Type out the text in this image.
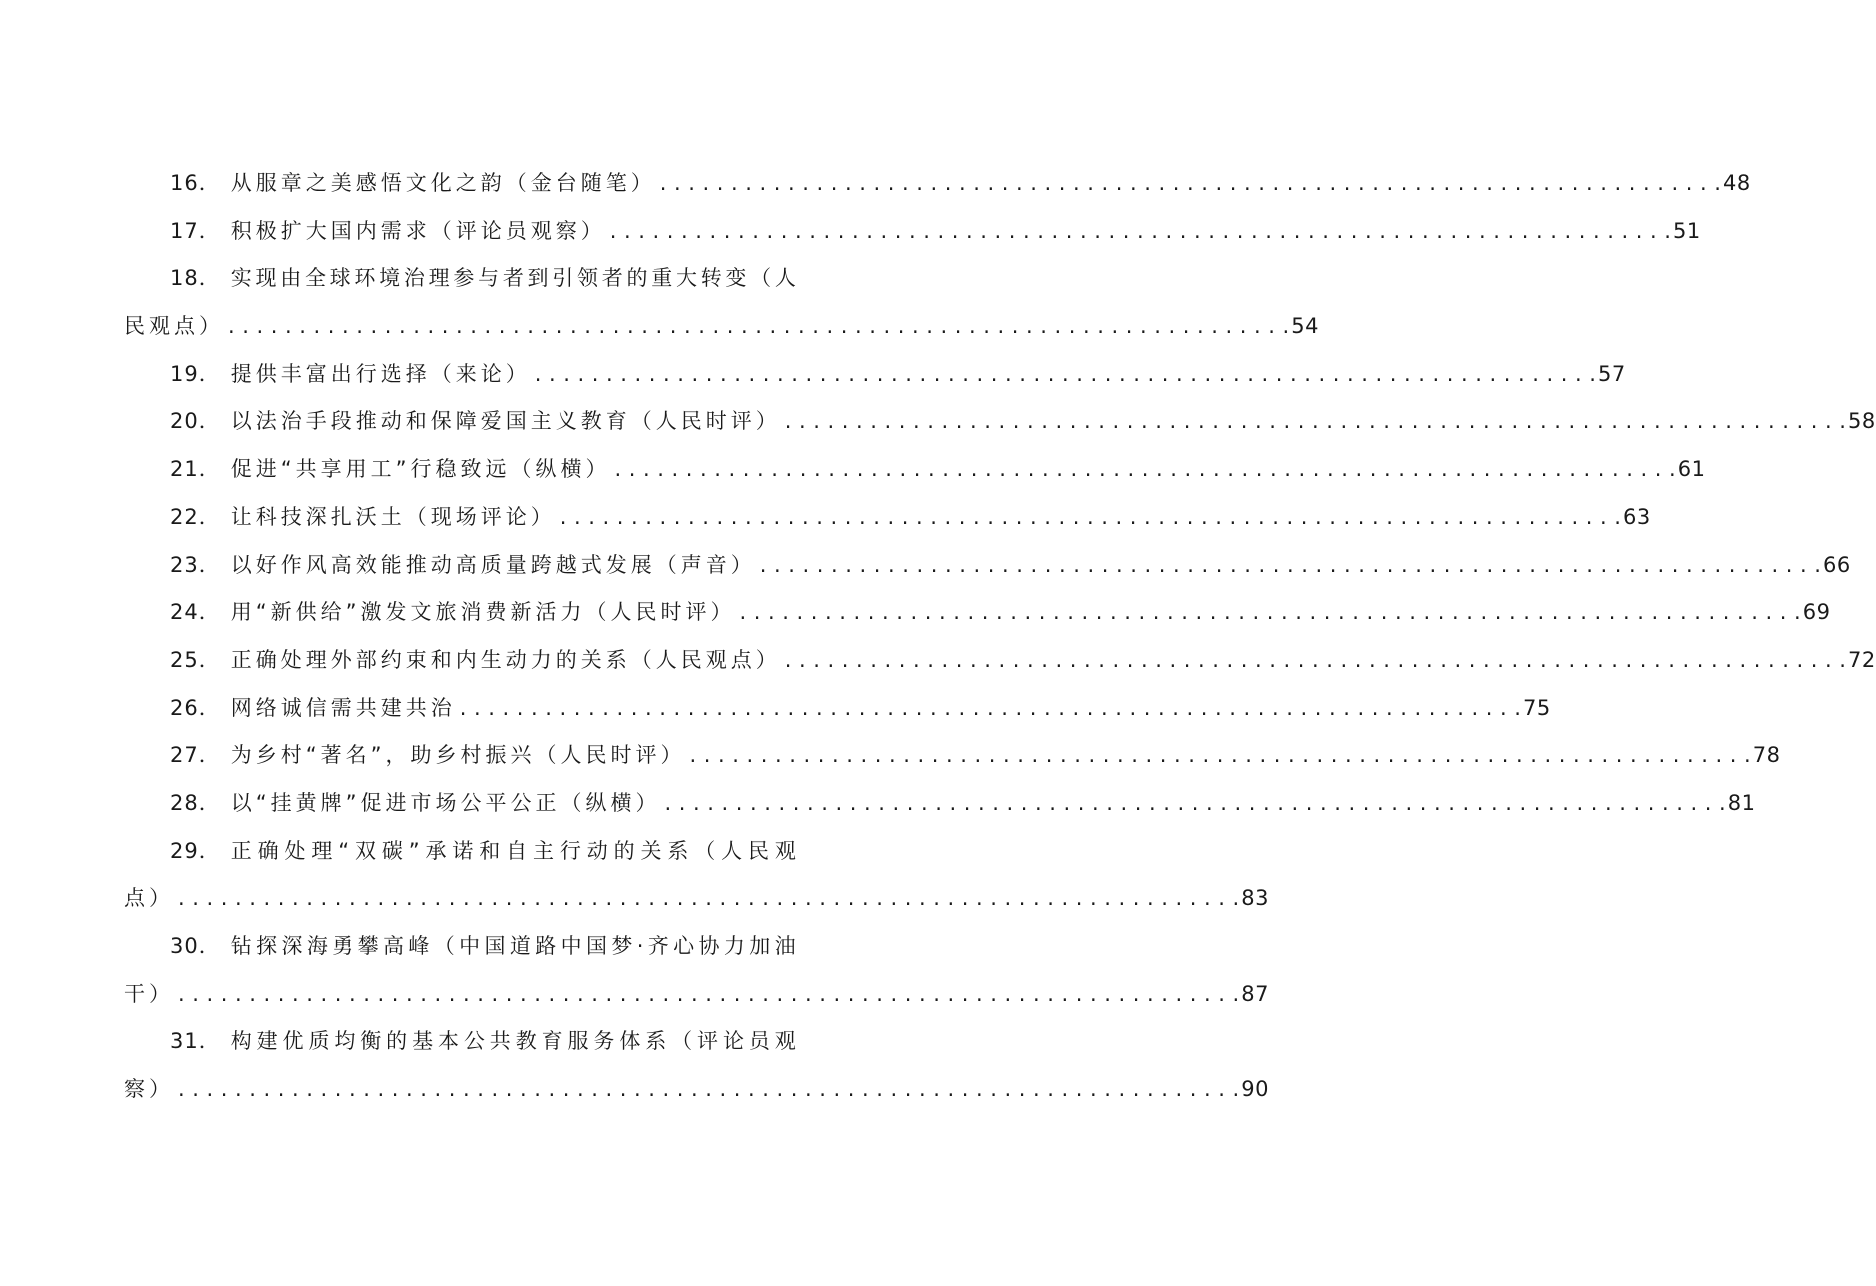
16． 从服章之美感悟文化之韵（金台随笔） . . .	48
17． 积极扩大国内需求（评论员观察） . . .	51
18． 实 现 由 全 球 环 境 治 理 参 与 者 到 引 领 者 的 重 大 转 变 （ 人
民观点） . . .	54
19． 提供丰富出行选择（来论） . . .	57
20． 以法治手段推动和保障爱国主义教育（人民时评） . . .	58
21． 促进“共享用工”行稳致远（纵横） . . .	61
22． 让科技深扎沃土（现场评论） . . .	63
23． 以好作风高效能推动高质量跨越式发展（声音） . . .	66
24． 用“新供给”激发文旅消费新活力（人民时评） . . .	69
25． 正确处理外部约束和内生动力的关系（人民观点） . . .	72
26． 网络诚信需共建共治 . . .	75
27． 为乡村“著名”，助乡村振兴（人民时评） . . .	78
28． 以“挂黄牌”促进市场公平公正（纵横） . . .	81
29． 正 确 处 理 “ 双 碳 ” 承 诺 和 自 主 行 动 的 关 系 （ 人 民 观
点） . . .	83
30． 钻 探 深 海 勇 攀 高 峰 （ 中 国 道 路 中 国 梦 · 齐 心 协 力 加 油
干） . . .	87
31． 构 建 优 质 均 衡 的 基 本 公 共 教 育 服 务 体 系 （ 评 论 员 观
察） . . .	90
